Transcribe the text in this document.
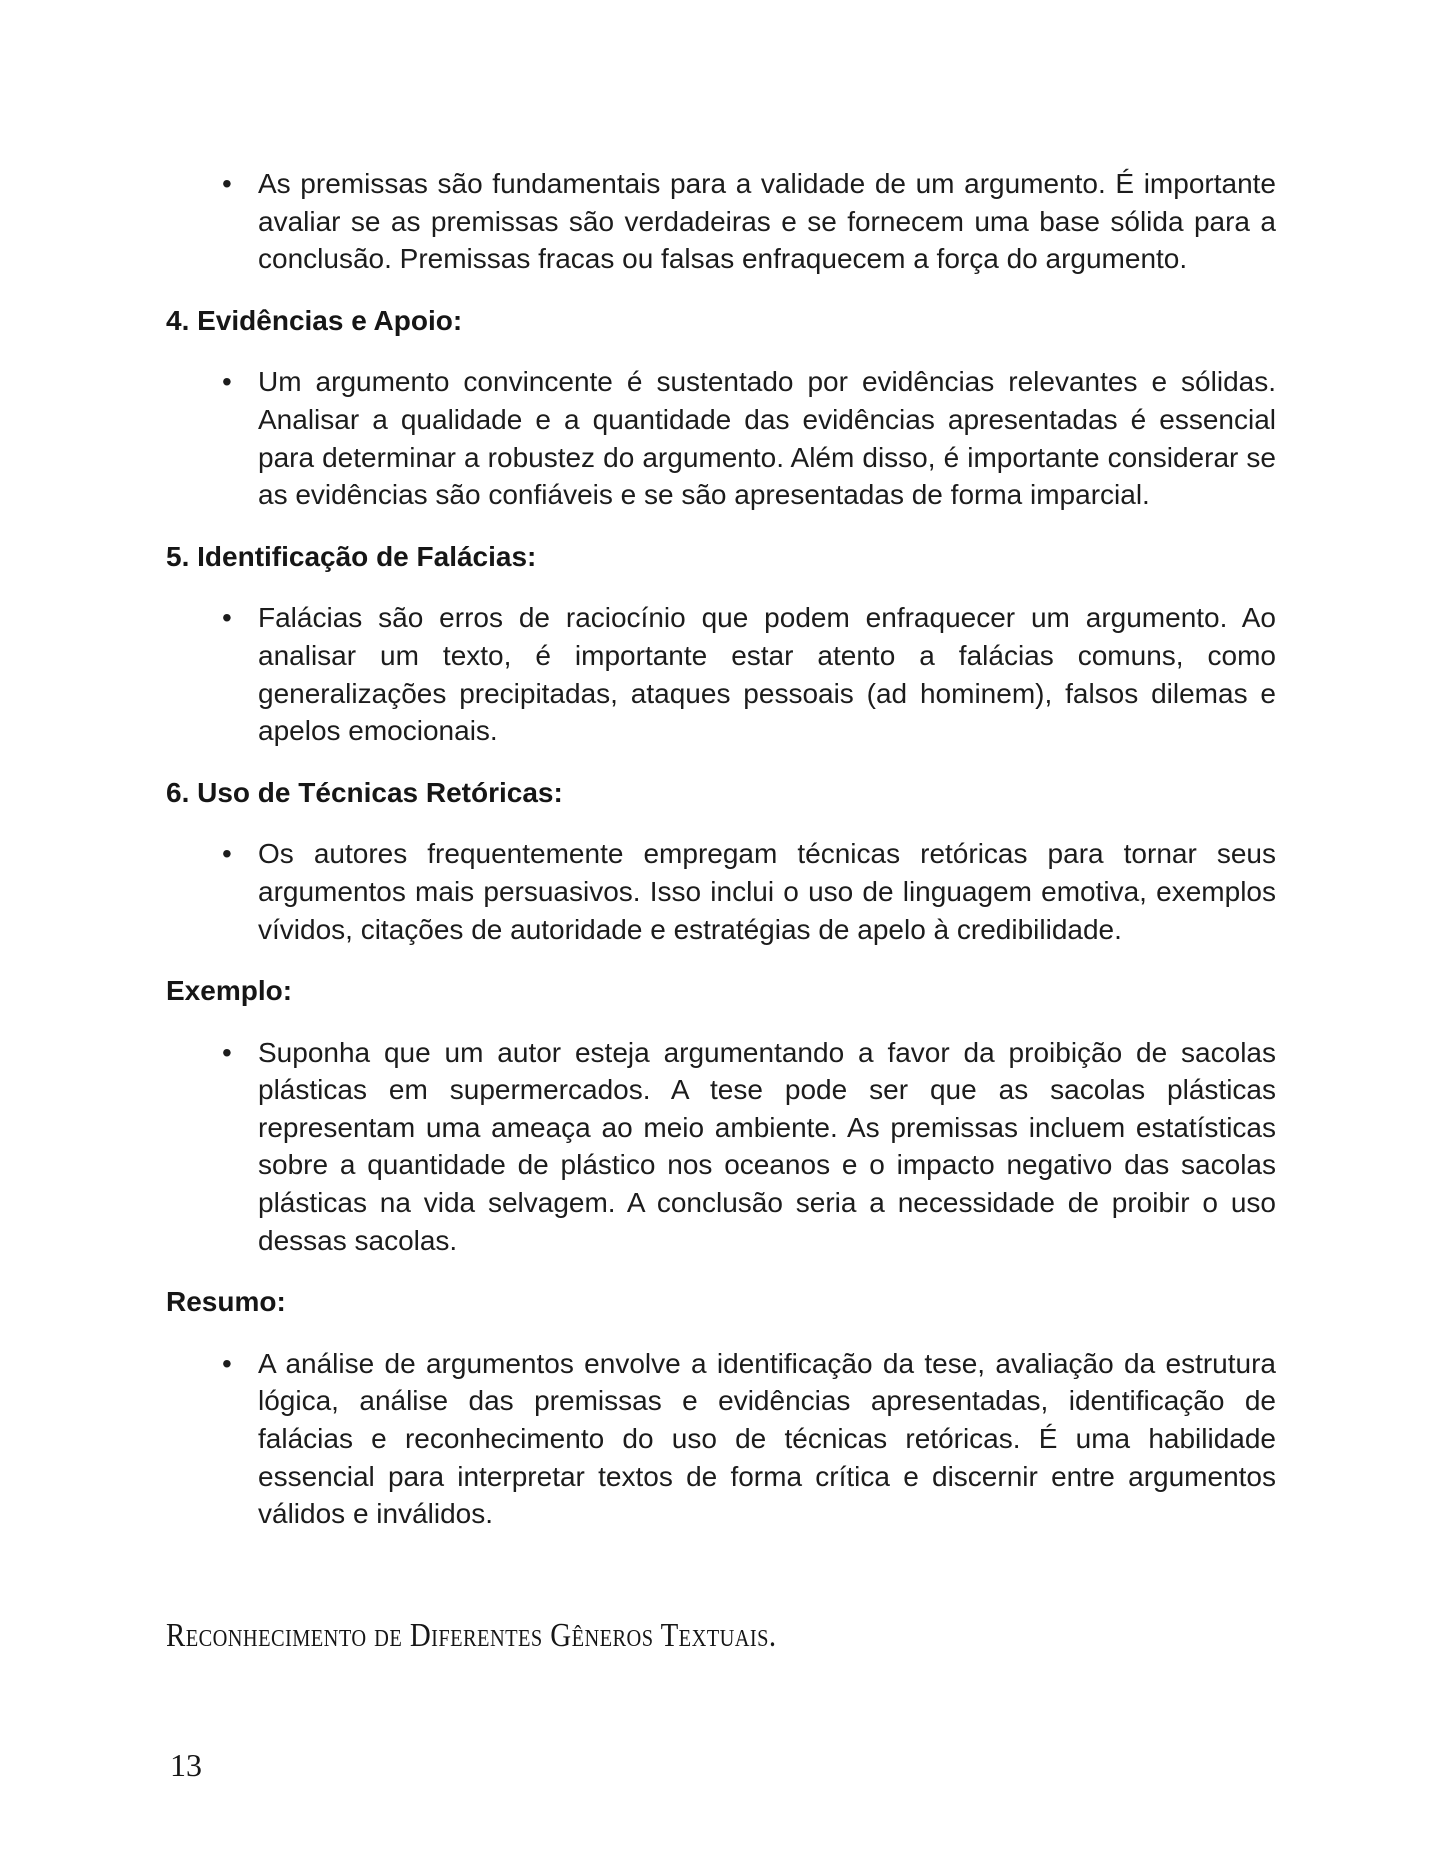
• As premissas são fundamentais para a validade de um argumento. É importante avaliar se as premissas são verdadeiras e se fornecem uma base sólida para a conclusão. Premissas fracas ou falsas enfraquecem a força do argumento.
4. Evidências e Apoio:
• Um argumento convincente é sustentado por evidências relevantes e sólidas. Analisar a qualidade e a quantidade das evidências apresentadas é essencial para determinar a robustez do argumento. Além disso, é importante considerar se as evidências são confiáveis e se são apresentadas de forma imparcial.
5. Identificação de Falácias:
• Falácias são erros de raciocínio que podem enfraquecer um argumento. Ao analisar um texto, é importante estar atento a falácias comuns, como generalizações precipitadas, ataques pessoais (ad hominem), falsos dilemas e apelos emocionais.
6. Uso de Técnicas Retóricas:
• Os autores frequentemente empregam técnicas retóricas para tornar seus argumentos mais persuasivos. Isso inclui o uso de linguagem emotiva, exemplos vívidos, citações de autoridade e estratégias de apelo à credibilidade.
Exemplo:
• Suponha que um autor esteja argumentando a favor da proibição de sacolas plásticas em supermercados. A tese pode ser que as sacolas plásticas representam uma ameaça ao meio ambiente. As premissas incluem estatísticas sobre a quantidade de plástico nos oceanos e o impacto negativo das sacolas plásticas na vida selvagem. A conclusão seria a necessidade de proibir o uso dessas sacolas.
Resumo:
• A análise de argumentos envolve a identificação da tese, avaliação da estrutura lógica, análise das premissas e evidências apresentadas, identificação de falácias e reconhecimento do uso de técnicas retóricas. É uma habilidade essencial para interpretar textos de forma crítica e discernir entre argumentos válidos e inválidos.
Reconhecimento de Diferentes Gêneros Textuais.
13
